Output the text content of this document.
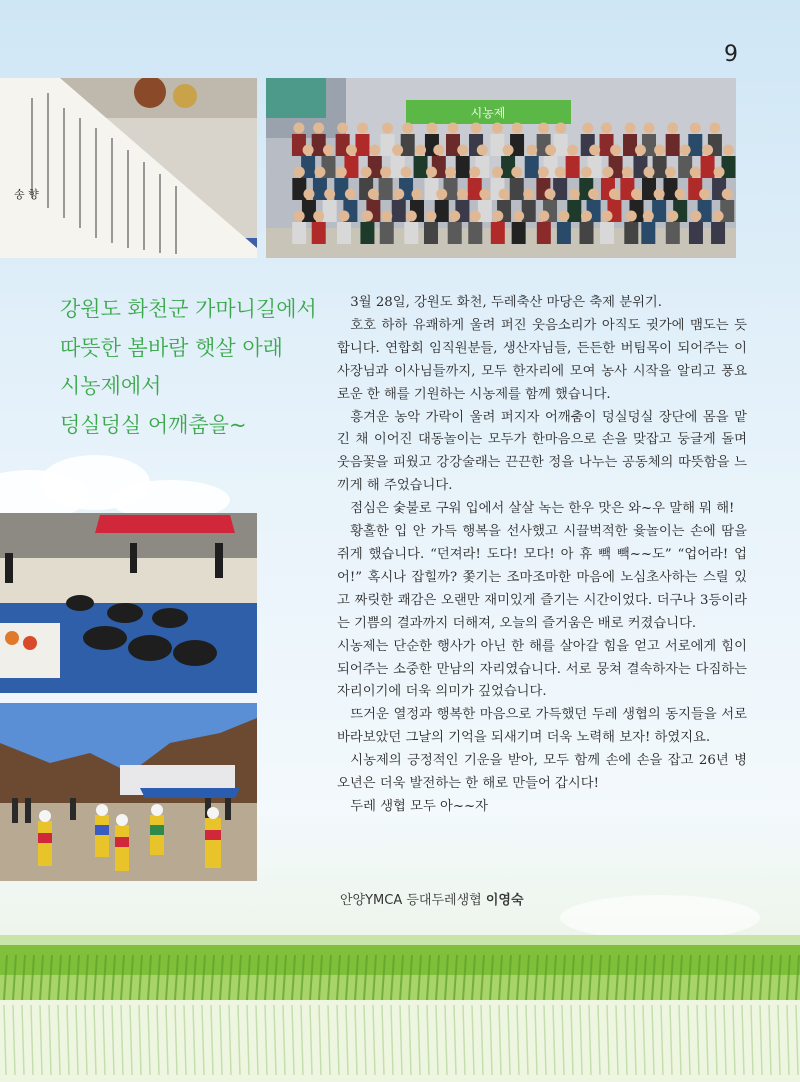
9
송 향
시농제
강원도 화천군 가마니길에서
따뜻한 봄바람 햇살 아래
시농제에서
덩실덩실 어깨춤을~

3월 28일, 강원도 화천, 두레축산 마당은 축제 분위기.

호호 하하 유쾌하게 울려 퍼진 웃음소리가 아직도 귓가에 맴도는 듯합니다. 연합회 임직원분들, 생산자님들, 든든한 버팀목이 되어주는 이사장님과 이사님들까지, 모두 한자리에 모여 농사 시작을 알리고 풍요로운 한 해를 기원하는 시농제를 함께 했습니다.

흥겨운 농악 가락이 울려 퍼지자 어깨춤이 덩실덩실 장단에 몸을 맡긴 채 이어진 대동놀이는 모두가 한마음으로 손을 맞잡고 둥글게 돌며 웃음꽃을 피웠고 강강술래는 끈끈한 정을 나누는 공동체의 따뜻함을 느끼게 해 주었습니다.

점심은 숯불로 구워 입에서 살살 녹는 한우 맛은 와~우 말해 뭐 해!

황홀한 입 안 가득 행복을 선사했고 시끌벅적한 윷놀이는 손에 땀을 쥐게 했습니다. “던져라! 도다! 모다! 아 휴 빽 빽~~도” “업어라! 업어!” 혹시나 잡힐까? 쫓기는 조마조마한 마음에 노심초사하는 스릴 있고 짜릿한 쾌감은 오랜만 재미있게 즐기는 시간이었다. 더구나 3등이라는 기쁨의 결과까지 더해져, 오늘의 즐거움은 배로 커졌습니다.

시농제는 단순한 행사가 아닌 한 해를 살아갈 힘을 얻고 서로에게 힘이 되어주는 소중한 만남의 자리였습니다. 서로 뭉쳐 결속하자는 다짐하는 자리이기에 더욱 의미가 깊었습니다.

뜨거운 열정과 행복한 마음으로 가득했던 두레 생협의 동지들을 서로 바라보았던 그날의 기억을 되새기며 더욱 노력해 보자! 하였지요.

시농제의 긍정적인 기운을 받아, 모두 함께 손에 손을 잡고 26년 병오년은 더욱 발전하는 한 해로 만들어 갑시다!

두레 생협 모두 아~~자

안양YMCA 등대두레생협 이영숙
